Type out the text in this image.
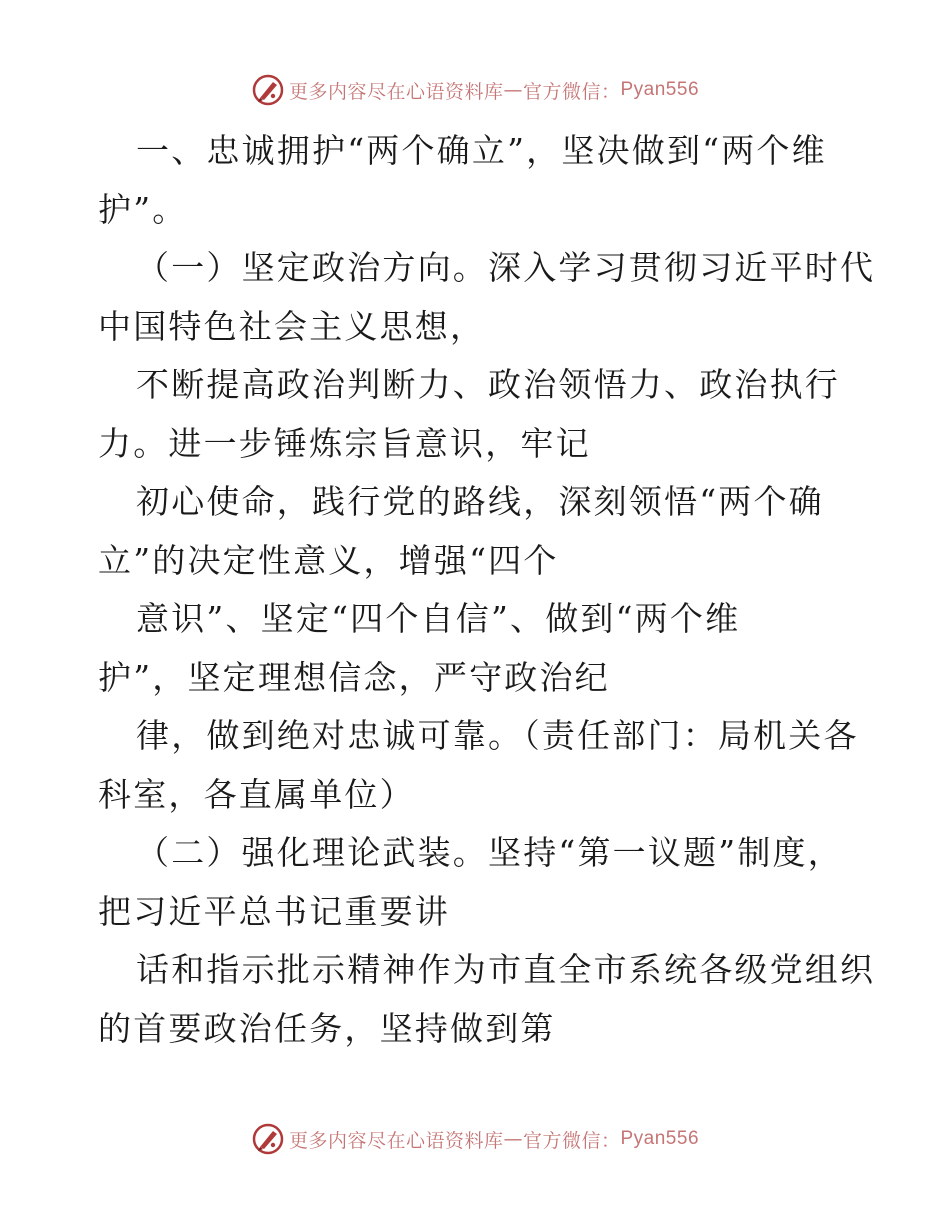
更多内容尽在心语资料库 — 官方微信： Pyan556
一、忠诚拥护“两个确立”，坚决做到“两个维
护”。
（一）坚定政治方向。深入学习贯彻习近平时代
中国特色社会主义思想，
不断提高政治判断力、政治领悟力、政治执行
力。进一步锤炼宗旨意识，牢记
初心使命，践行党的路线，深刻领悟“两个确
立”的决定性意义，增强“四个
意识”、坚定“四个自信”、做到“两个维
护”，坚定理想信念，严守政治纪
律，做到绝对忠诚可靠。（责任部门：局机关各
科室，各直属单位）
（二）强化理论武装。坚持“第一议题”制度，
把习近平总书记重要讲
话和指示批示精神作为市直全市系统各级党组织
的首要政治任务，坚持做到第
更多内容尽在心语资料库 — 官方微信： Pyan556
